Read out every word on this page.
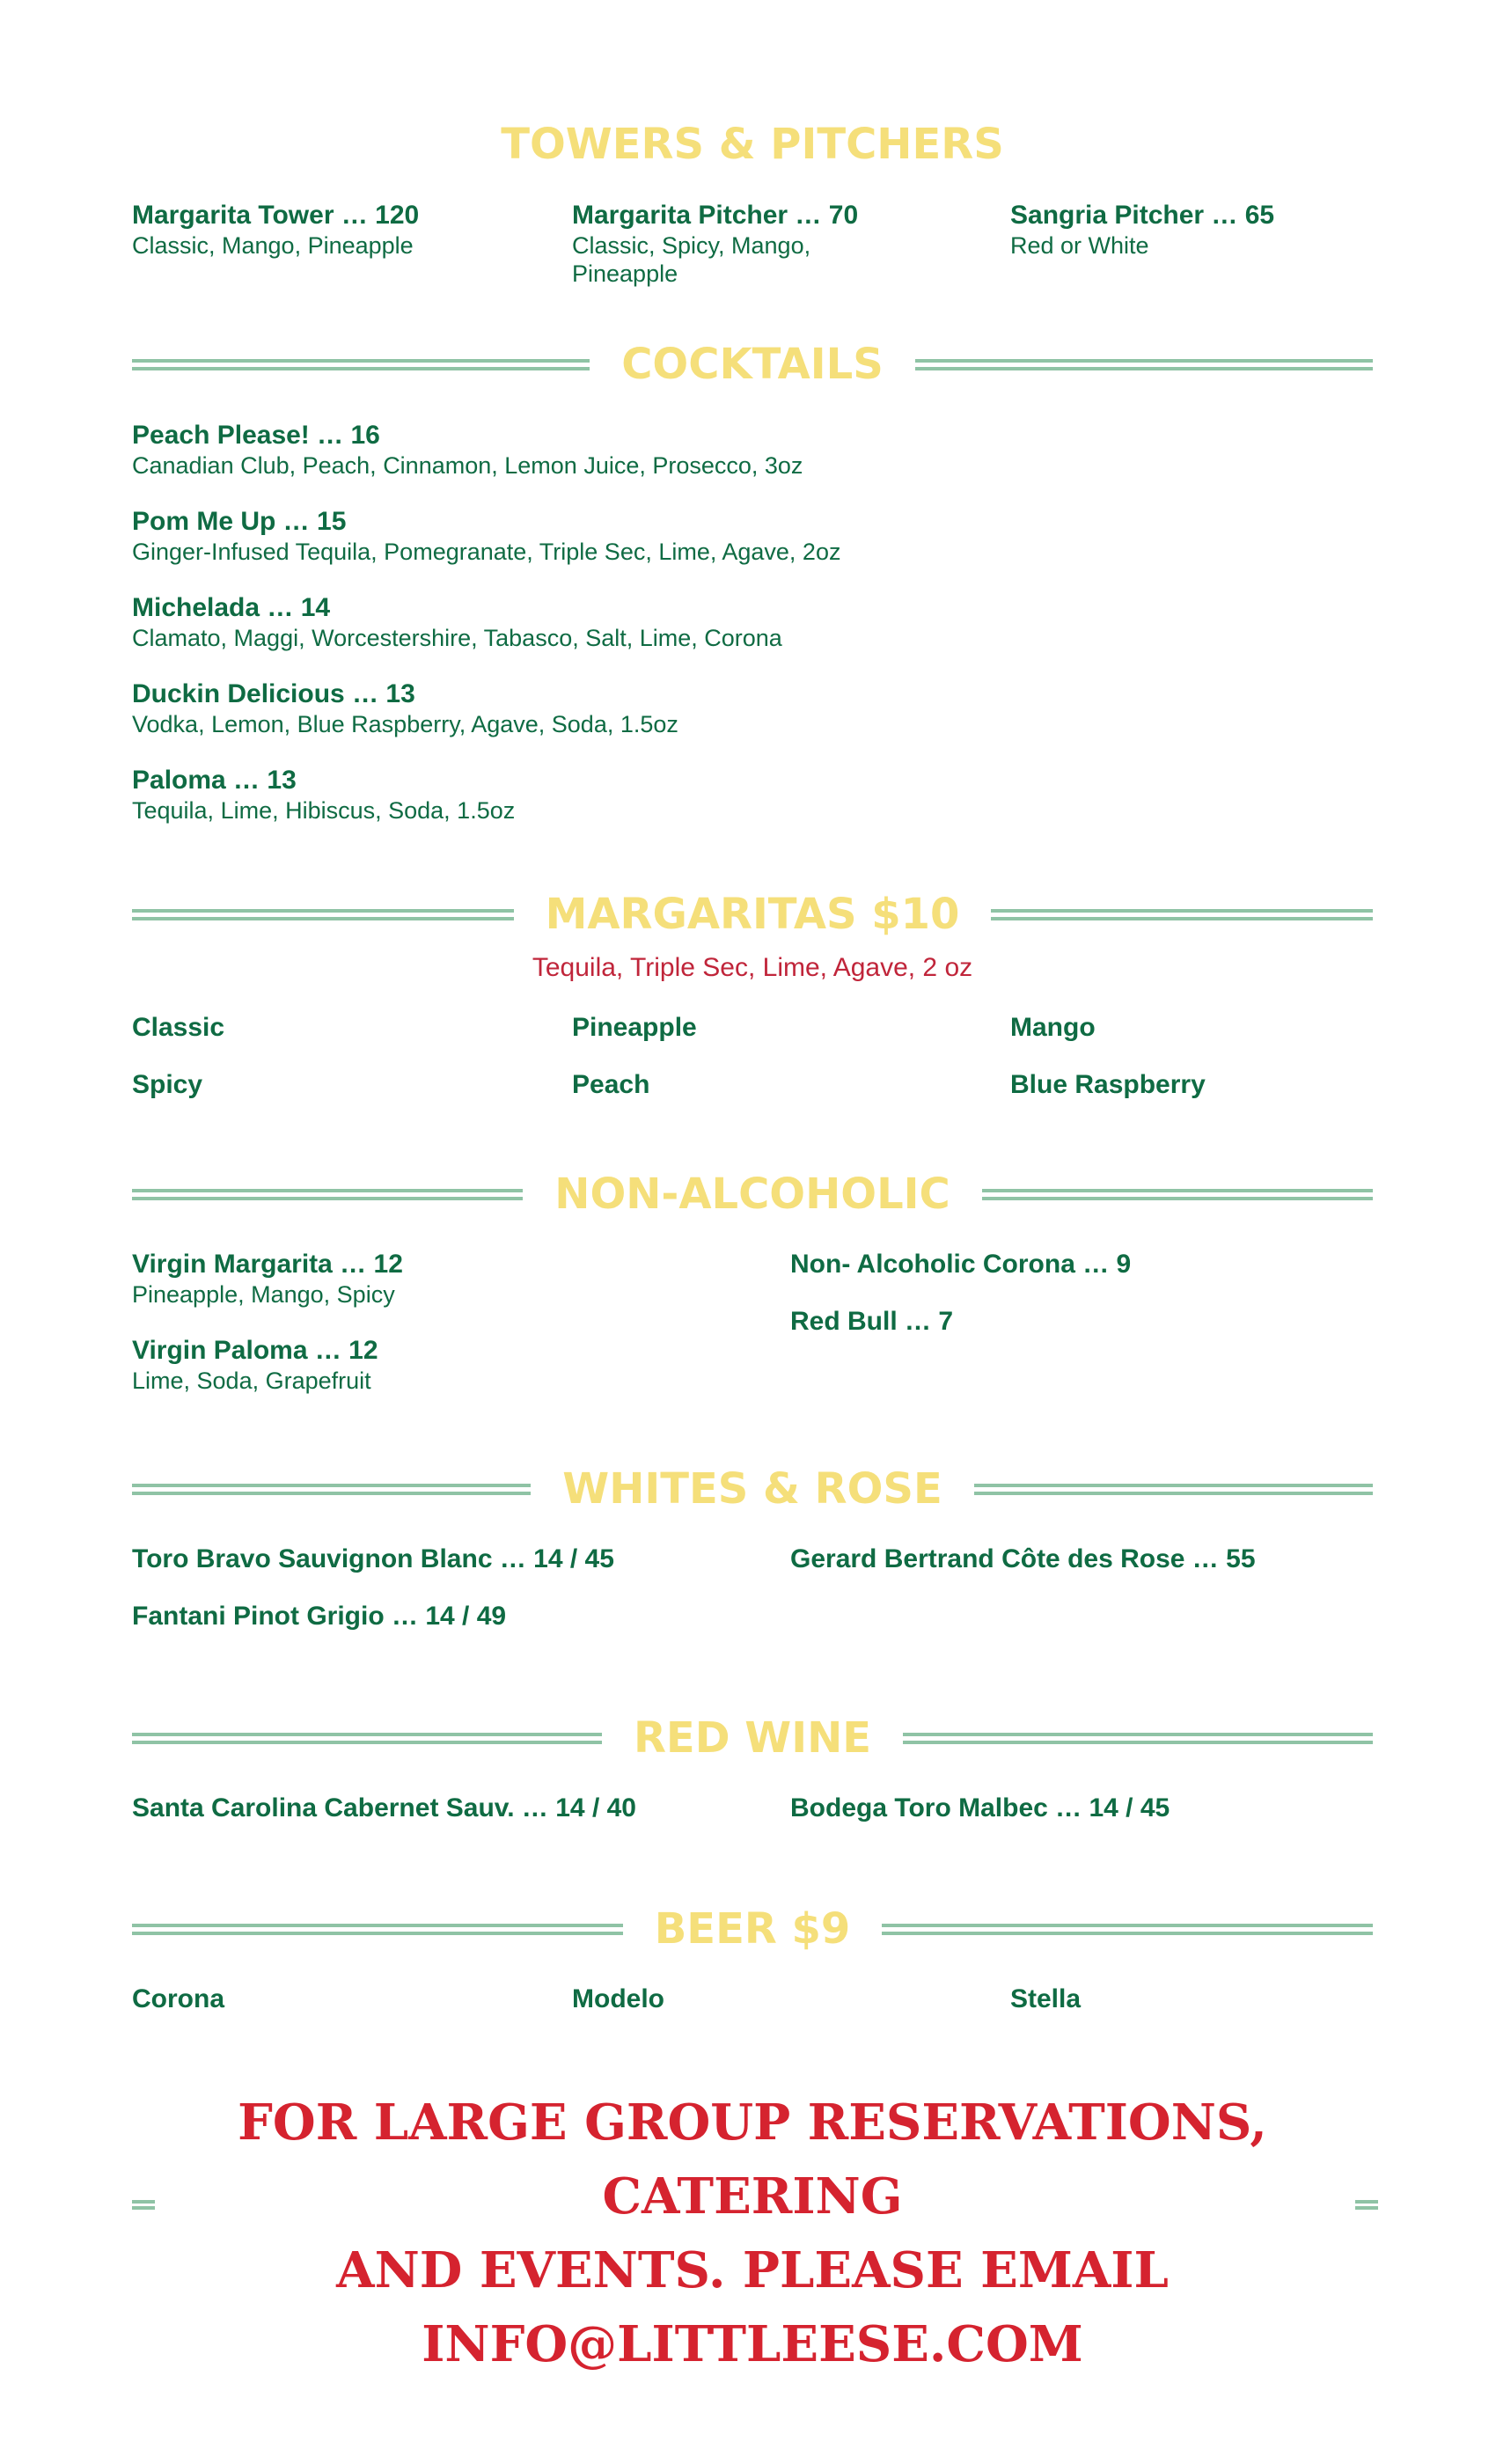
TOWERS & PITCHERS
Margarita Tower … 120
Classic, Mango, Pineapple
Margarita Pitcher … 70
Classic, Spicy, Mango, Pineapple
Sangria Pitcher … 65
Red or White
COCKTAILS
Peach Please! … 16
Canadian Club, Peach, Cinnamon, Lemon Juice, Prosecco, 3oz
Pom Me Up … 15
Ginger-Infused Tequila, Pomegranate, Triple Sec, Lime, Agave, 2oz
Michelada … 14
Clamato, Maggi, Worcestershire, Tabasco, Salt, Lime, Corona
Duckin Delicious … 13
Vodka, Lemon, Blue Raspberry, Agave, Soda, 1.5oz
Paloma … 13
Tequila, Lime, Hibiscus, Soda, 1.5oz
MARGARITAS $10
Tequila, Triple Sec, Lime, Agave, 2 oz
Classic	Pineapple	Mango
Spicy	Peach	Blue Raspberry
NON-ALCOHOLIC
Virgin Margarita … 12
Pineapple, Mango, Spicy
Virgin Paloma … 12
Lime, Soda, Grapefruit
Non- Alcoholic Corona … 9
Red Bull … 7
WHITES & ROSE
Toro Bravo Sauvignon Blanc … 14 / 45
Fantani Pinot Grigio … 14 / 49
Gerard Bertrand Côte des Rose … 55
RED WINE
Santa Carolina Cabernet Sauv. … 14 / 40	Bodega Toro Malbec … 14 / 45
BEER $9
Corona	Modelo	Stella
FOR LARGE GROUP RESERVATIONS, CATERING
AND EVENTS. PLEASE EMAIL
INFO@LITTLEESE.COM
